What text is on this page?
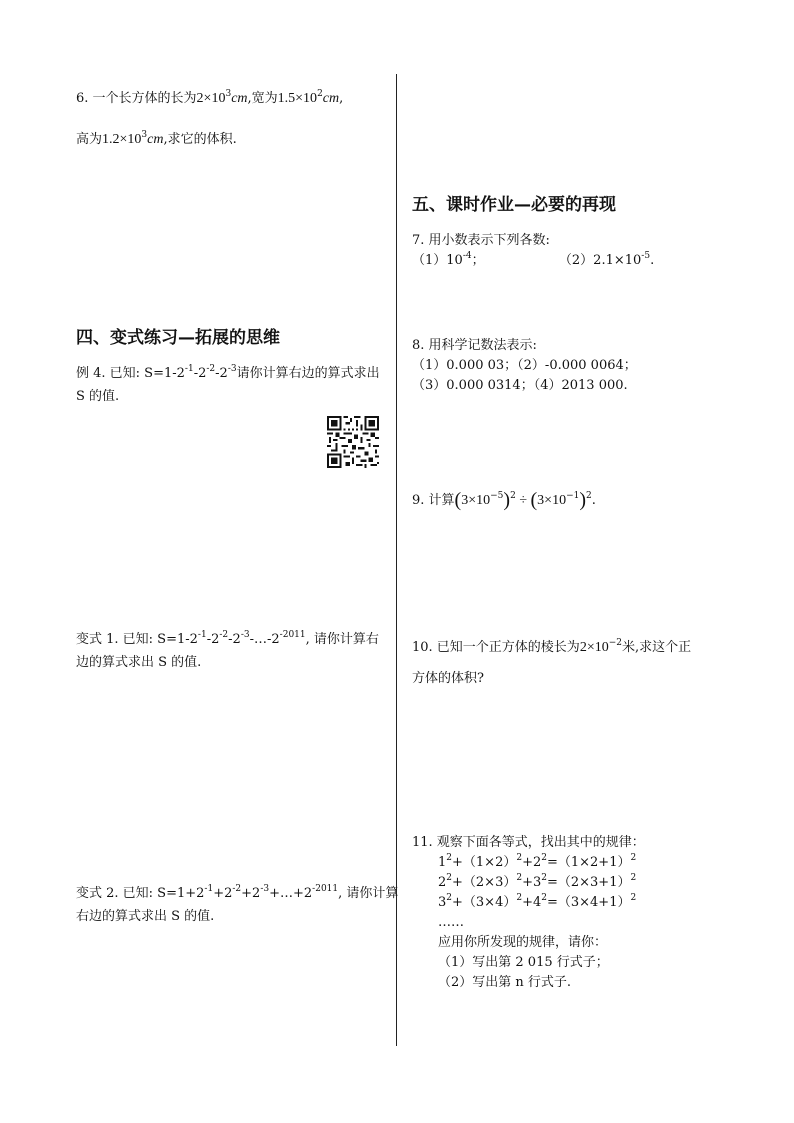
6. 一个长方体的长为$2\times 10^3cm$,宽为$1.5\times 10^2cm$,
高为$1.2\times 10^3cm$,求它的体积.
四、变式练习—拓展的思维
例 4. 已知: $S=1-2^{-1}-2^{-2}-2^{-3}$请你计算右边的算式求出
S 的值.
变式 1. 已知: $S=1-2^{-1}-2^{-2}-2^{-3}-\dots-2^{-2011}$, 请你计算右
边的算式求出 S 的值.
变式 2. 已知: $S=1+2^{-1}+2^{-2}+2^{-3}+\dots+2^{-2011}$, 请你计算
右边的算式求出 S 的值.
五、课时作业—必要的再现
7. 用小数表示下列各数:
$(1)10^{-4}$；	$(2)2.1\times 10^{-5}$.
8. 用科学记数法表示:
（1）0.000 03；（2）-0.000 0064；
（3）0.000 0314；（4）2013 000.
9. 计算$(3\times 10^{-5})^2 \div (3\times 10^{-1})^2$.
10. 已知一个正方体的棱长为$2\times 10^{-2}$米,求这个正
方体的体积?
11. 观察下面各等式，找出其中的规律：
$1^2+(1\times 2)^2+2^2=(1\times 2+1)^2$
$2^2+(2\times 3)^2+3^2=(2\times 3+1)^2$
$3^2+(3\times 4)^2+4^2=(3\times 4+1)^2$
……
应用你所发现的规律，请你：
（1）写出第 2 015 行式子；
（2）写出第 n 行式子.
